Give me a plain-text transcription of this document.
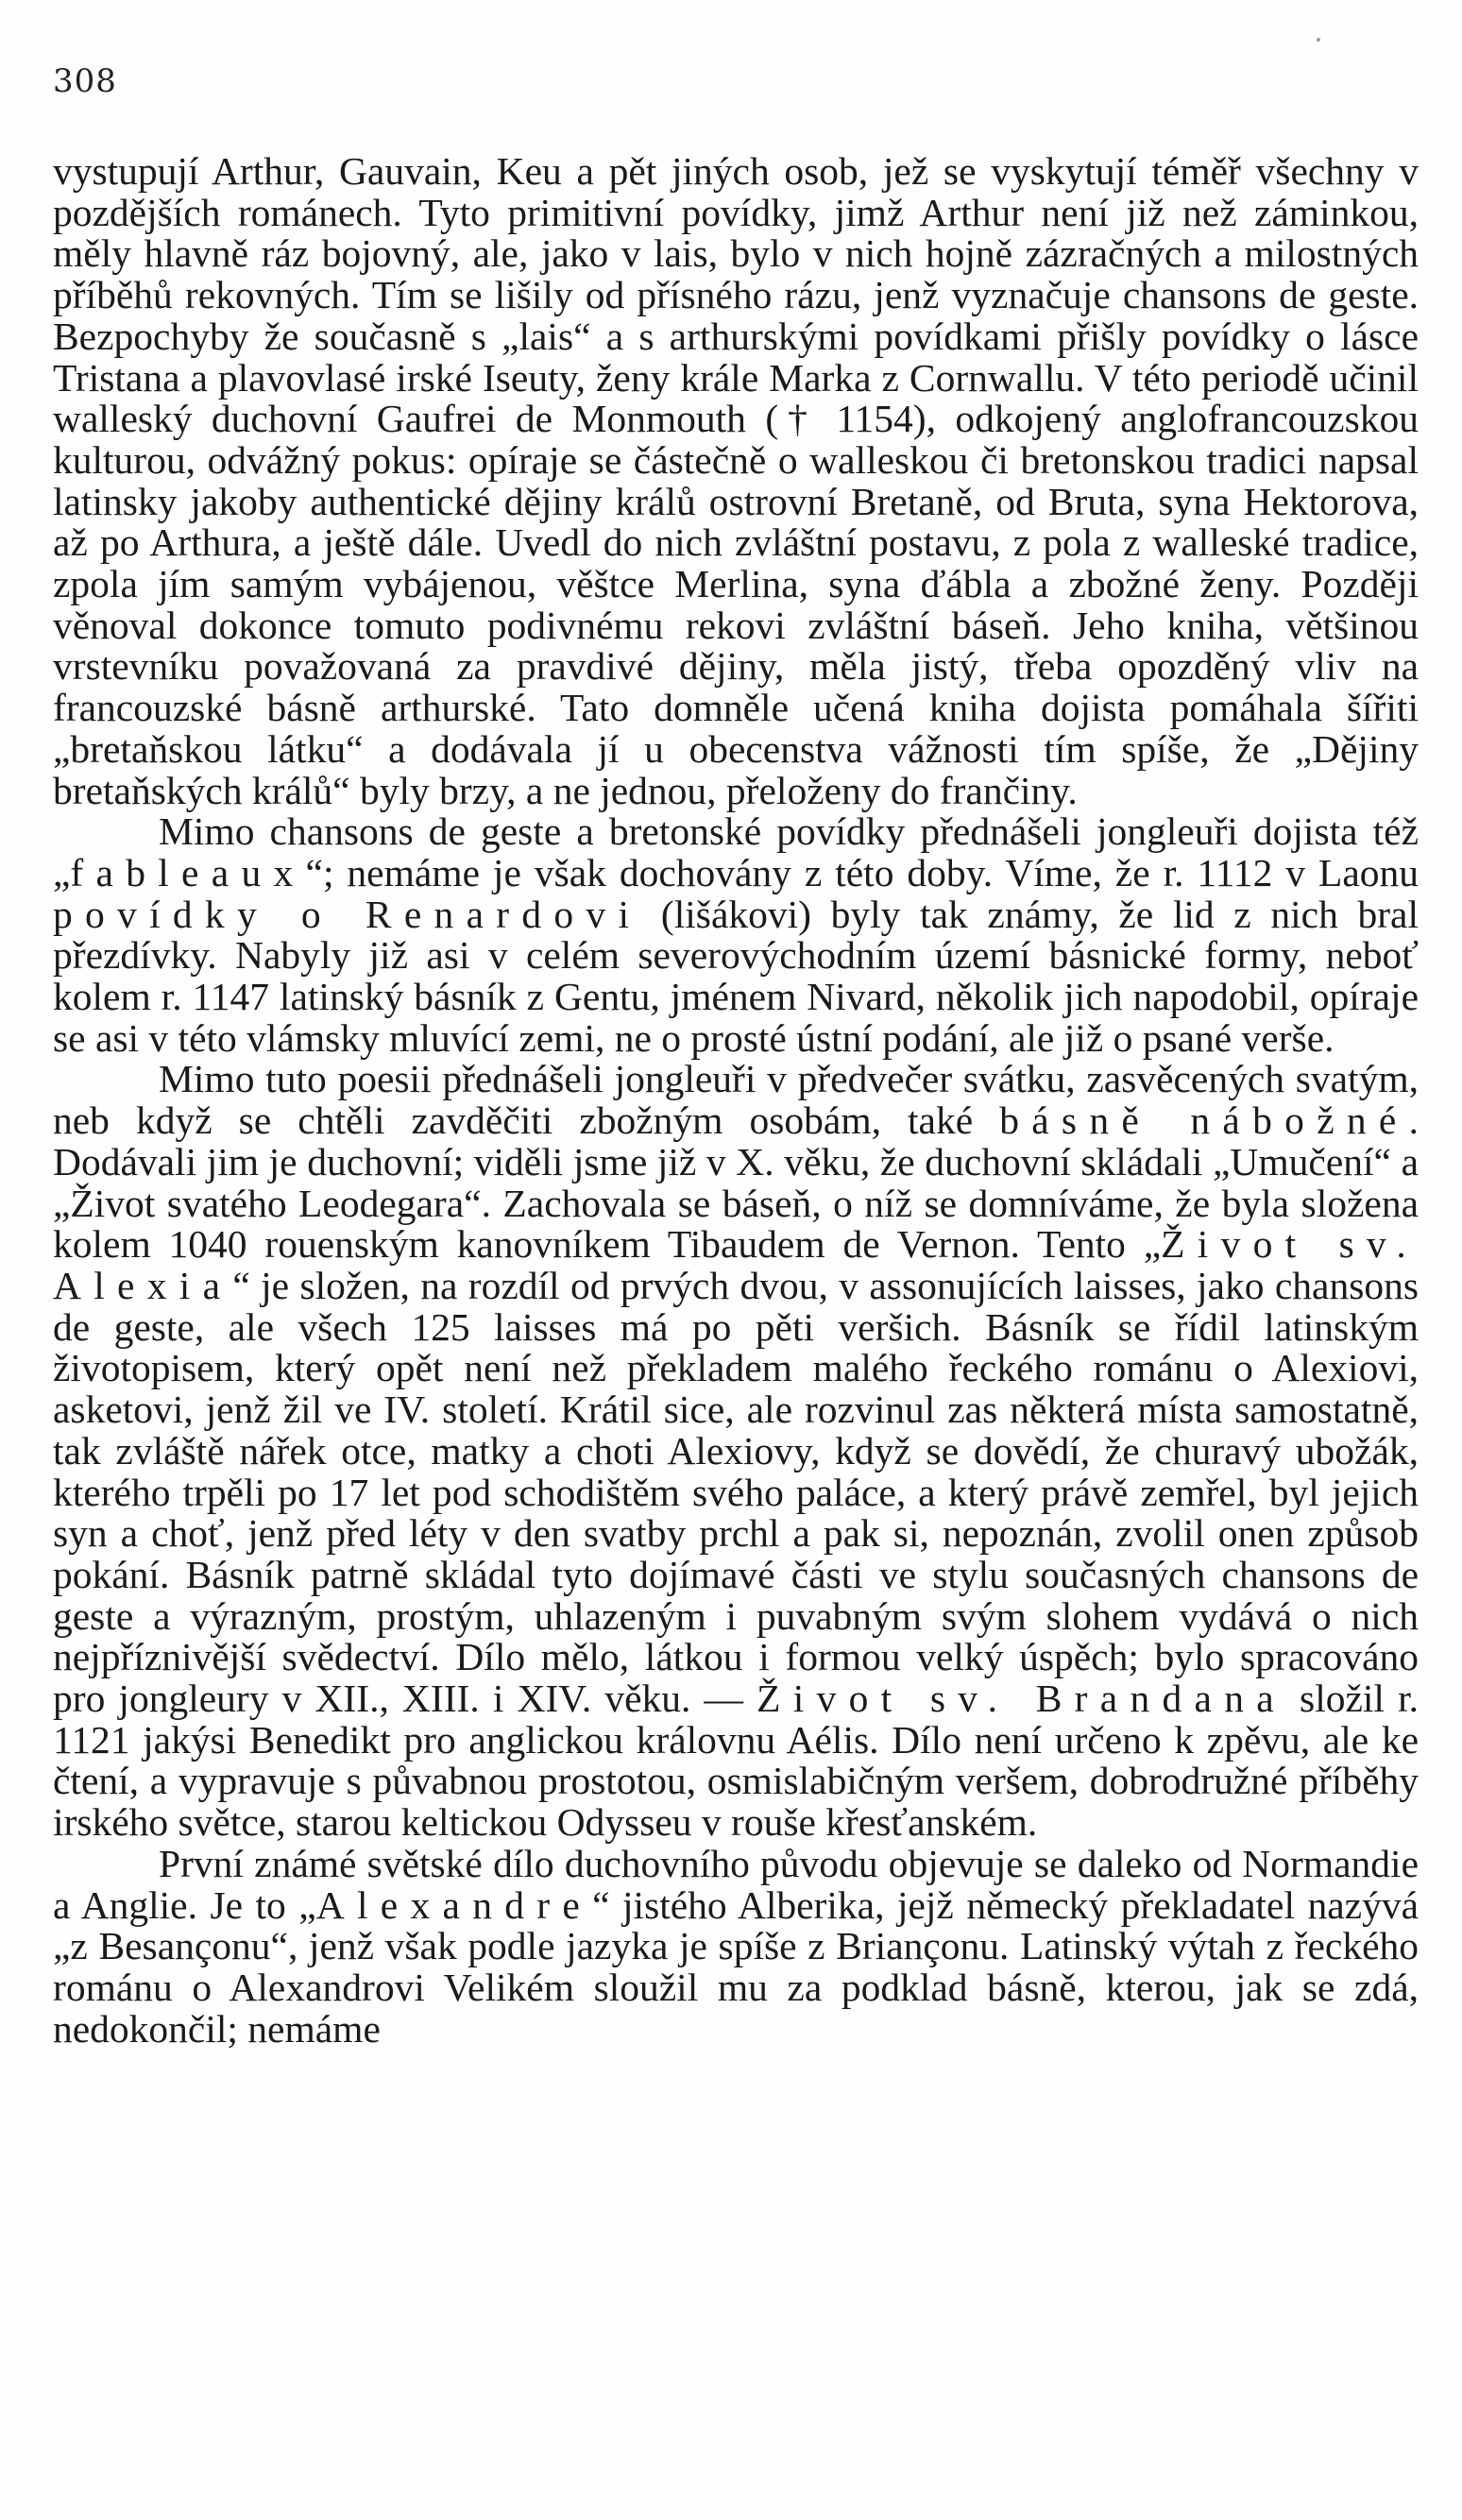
308

vystupují Arthur, Gauvain, Keu a pět jiných osob, jež se vyskytují téměř všechny v pozdějších románech. Tyto primitivní povídky, jimž Arthur není již než záminkou, měly hlavně ráz bojovný, ale, jako v lais, bylo v nich hojně zázračných a milostných příběhů rekovných. Tím se lišily od přísného rázu, jenž vyznačuje chansons de geste. Bezpochyby že současně s „lais“ a s arthurskými povídkami přišly povídky o lásce Tristana a plavovlasé irské Iseuty, ženy krále Marka z Cornwallu. V této periodě učinil walleský duchovní Gaufrei de Monmouth († 1154), odkojený anglofrancouzskou kulturou, odvážný pokus: opíraje se částečně o walleskou či bretonskou tradici napsal latinsky jakoby authentické dějiny králů ostrovní Bretaně, od Bruta, syna Hektorova, až po Arthura, a ještě dále. Uvedl do nich zvláštní postavu, z pola z walleské tradice, zpola jím samým vybájenou, věštce Merlina, syna ďábla a zbožné ženy. Později věnoval dokonce tomuto podivnému rekovi zvláštní báseň. Jeho kniha, většinou vrstevníku považovaná za pravdivé dějiny, měla jistý, třeba opozděný vliv na francouzské básně arthurské. Tato domněle učená kniha dojista pomáhala šířiti „bretaňskou látku“ a dodávala jí u obecenstva vážnosti tím spíše, že „Dějiny bretaňských králů“ byly brzy, a ne jednou, přeloženy do frančiny.

Mimo chansons de geste a bretonské povídky přednášeli jongleuři dojista též „fableaux“; nemáme je však dochovány z této doby. Víme, že r. 1112 v Laonu povídky o Renardovi (lišákovi) byly tak známy, že lid z nich bral přezdívky. Nabyly již asi v celém severovýchodním území básnické formy, neboť kolem r. 1147 latinský básník z Gentu, jménem Nivard, několik jich napodobil, opíraje se asi v této vlámsky mluvící zemi, ne o prosté ústní podání, ale již o psané verše.

Mimo tuto poesii přednášeli jongleuři v předvečer svátku, zasvěcených svatým, neb když se chtěli zavděčiti zbožným osobám, také básně nábožné. Dodávali jim je duchovní; viděli jsme již v X. věku, že duchovní skládali „Umučení“ a „Život svatého Leodegara“. Zachovala se báseň, o níž se domníváme, že byla složena kolem 1040 rouenským kanovníkem Tibaudem de Vernon. Tento „Život sv. Alexia“ je složen, na rozdíl od prvých dvou, v assonujících laisses, jako chansons de geste, ale všech 125 laisses má po pěti veršich. Básník se řídil latinským životopisem, který opět není než překladem malého řeckého románu o Alexiovi, asketovi, jenž žil ve IV. století. Krátil sice, ale rozvinul zas některá místa samostatně, tak zvláště nářek otce, matky a choti Alexiovy, když se dovědí, že churavý ubožák, kterého trpěli po 17 let pod schodištěm svého paláce, a který právě zemřel, byl jejich syn a choť, jenž před léty v den svatby prchl a pak si, nepoznán, zvolil onen způsob pokání. Básník patrně skládal tyto dojímavé části ve stylu současných chansons de geste a výrazným, prostým, uhlazeným i puvabným svým slohem vydává o nich nejpříznivější svědectví. Dílo mělo, látkou i formou velký úspěch; bylo spracováno pro jongleury v XII., XIII. i XIV. věku. — Život sv. Brandana složil r. 1121 jakýsi Benedikt pro anglickou královnu Aélis. Dílo není určeno k zpěvu, ale ke čtení, a vypravuje s půvabnou prostotou, osmislabičným veršem, dobrodružné příběhy irského světce, starou keltickou Odysseu v rouše křesťanském.

První známé světské dílo duchovního původu objevuje se daleko od Normandie a Anglie. Je to „Alexandre“ jistého Alberika, jejž německý překladatel nazývá „z Besançonu“, jenž však podle jazyka je spíše z Briançonu. Latinský výtah z řeckého románu o Alexandrovi Velikém sloužil mu za podklad básně, kterou, jak se zdá, nedokončil; nemáme
